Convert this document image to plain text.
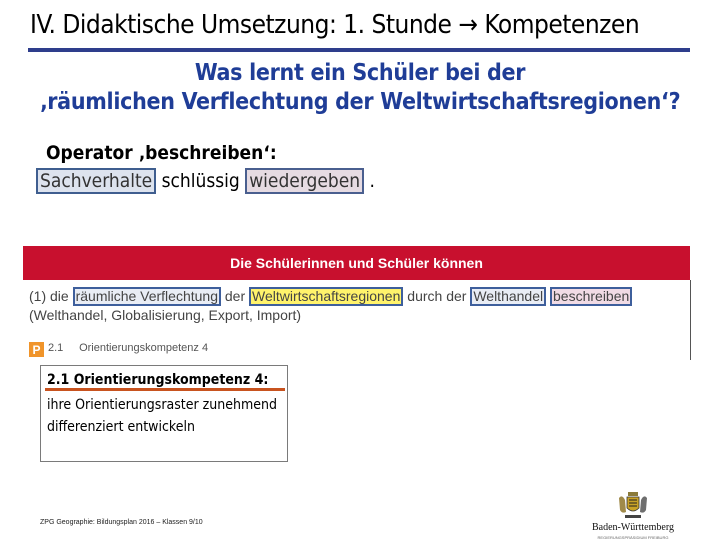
IV. Didaktische Umsetzung: 1. Stunde → Kompetenzen
Was lernt ein Schüler bei der
‚räumlichen Verflechtung der Weltwirtschaftsregionen‘?
Operator ‚beschreiben‘:
Sachverhalte schlüssig wiedergeben .
Die Schülerinnen und Schüler können
(1) die räumliche Verflechtung der Weltwirtschaftsregionen durch der Welthandel beschreiben
(Welthandel, Globalisierung, Export, Import)
P 2.1 Orientierungskompetenz 4
2.1 Orientierungskompetenz 4:
ihre Orientierungsraster zunehmend differenziert entwickeln
ZPG Geographie: Bildungsplan 2016 – Klassen 9/10	Baden-Württemberg
REGIERUNGSPRÄSIDIUM FREIBURG
